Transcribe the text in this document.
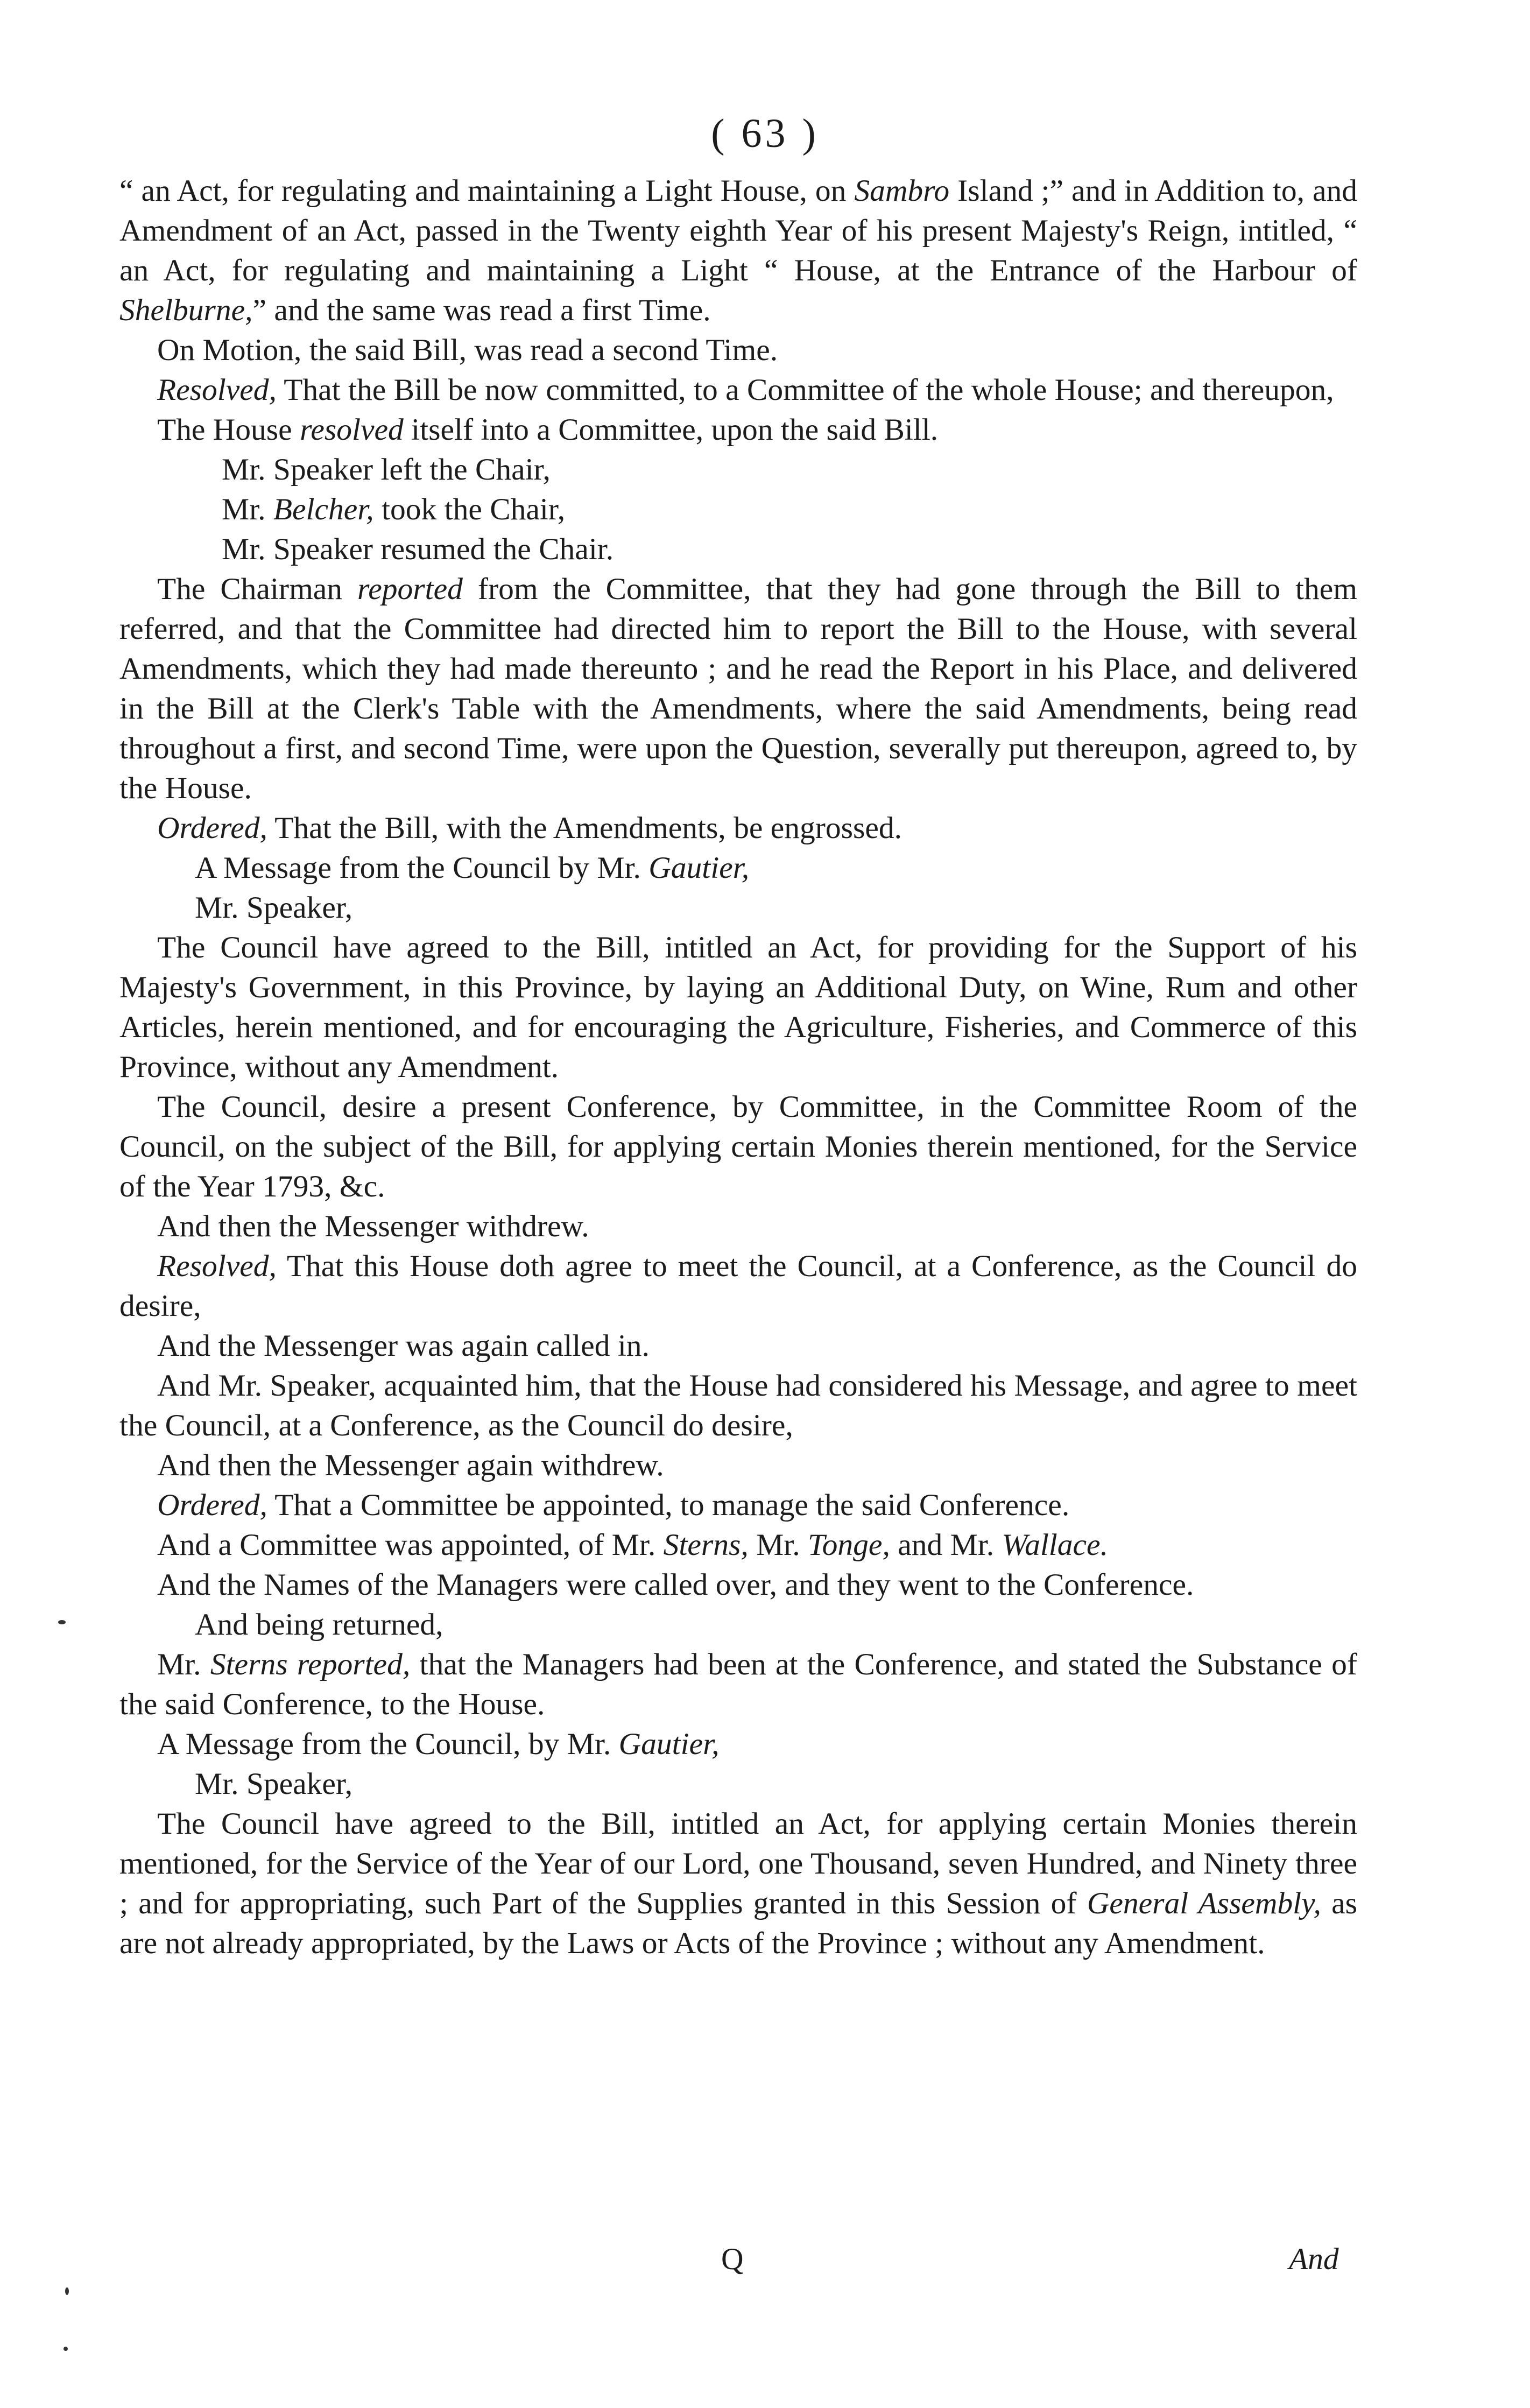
( 63 )

“ an Act, for regulating and maintaining a Light House, on Sambro Island ;” and in Addition to, and Amendment of an Act, passed in the Twenty eighth Year of his present Majesty's Reign, intitled, “ an Act, for regulating and maintaining a Light “ House, at the Entrance of the Harbour of Shelburne,” and the same was read a first Time.

On Motion, the said Bill, was read a second Time.

Resolved, That the Bill be now committed, to a Committee of the whole House; and thereupon,

The House resolved itself into a Committee, upon the said Bill.

Mr. Speaker left the Chair,

Mr. Belcher, took the Chair,

Mr. Speaker resumed the Chair.

The Chairman reported from the Committee, that they had gone through the Bill to them referred, and that the Committee had directed him to report the Bill to the House, with several Amendments, which they had made thereunto ; and he read the Report in his Place, and delivered in the Bill at the Clerk's Table with the Amendments, where the said Amendments, being read throughout a first, and second Time, were upon the Question, severally put thereupon, agreed to, by the House.

Ordered, That the Bill, with the Amendments, be engrossed.

A Message from the Council by Mr. Gautier,

Mr. Speaker,

The Council have agreed to the Bill, intitled an Act, for providing for the Support of his Majesty's Government, in this Province, by laying an Additional Duty, on Wine, Rum and other Articles, herein mentioned, and for encouraging the Agriculture, Fisheries, and Commerce of this Province, without any Amendment.

The Council, desire a present Conference, by Committee, in the Committee Room of the Council, on the subject of the Bill, for applying certain Monies therein mentioned, for the Service of the Year 1793, &c.

And then the Messenger withdrew.

Resolved, That this House doth agree to meet the Council, at a Conference, as the Council do desire,

And the Messenger was again called in.

And Mr. Speaker, acquainted him, that the House had considered his Message, and agree to meet the Council, at a Conference, as the Council do desire,

And then the Messenger again withdrew.

Ordered, That a Committee be appointed, to manage the said Conference.

And a Committee was appointed, of Mr. Sterns, Mr. Tonge, and Mr. Wallace.

And the Names of the Managers were called over, and they went to the Conference.

And being returned,

Mr. Sterns reported, that the Managers had been at the Conference, and stated the Substance of the said Conference, to the House.

A Message from the Council, by Mr. Gautier,

Mr. Speaker,

The Council have agreed to the Bill, intitled an Act, for applying certain Monies therein mentioned, for the Service of the Year of our Lord, one Thousand, seven Hundred, and Ninety three ; and for appropriating, such Part of the Supplies granted in this Session of General Assembly, as are not already appropriated, by the Laws or Acts of the Province ; without any Amendment.

Q	And
